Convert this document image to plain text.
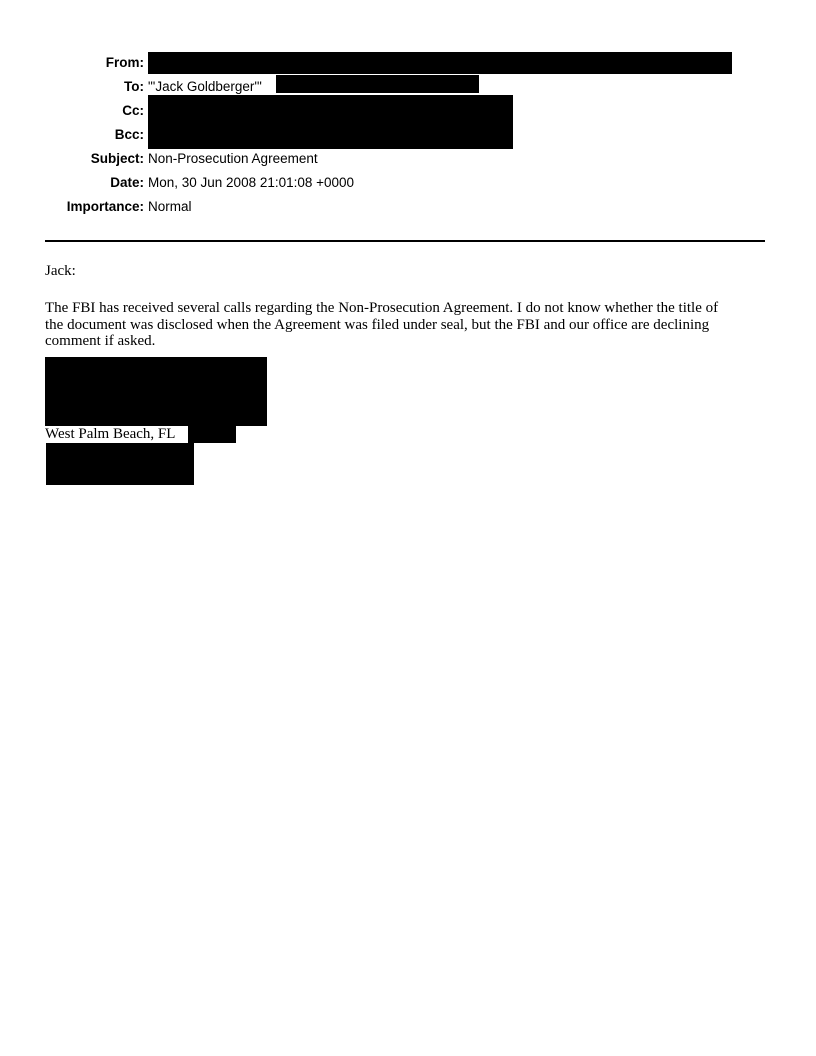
From:
To:
Cc:
Bcc:
Subject:
Date:
Importance:
"'Jack Goldberger'"
Non-Prosecution Agreement
Mon, 30 Jun 2008 21:01:08 +0000
Normal
Jack:
The FBI has received several calls regarding the Non-Prosecution Agreement. I do not know whether the title of
the document was disclosed when the Agreement was filed under seal, but the FBI and our office are declining
comment if asked.
West Palm Beach, FL
